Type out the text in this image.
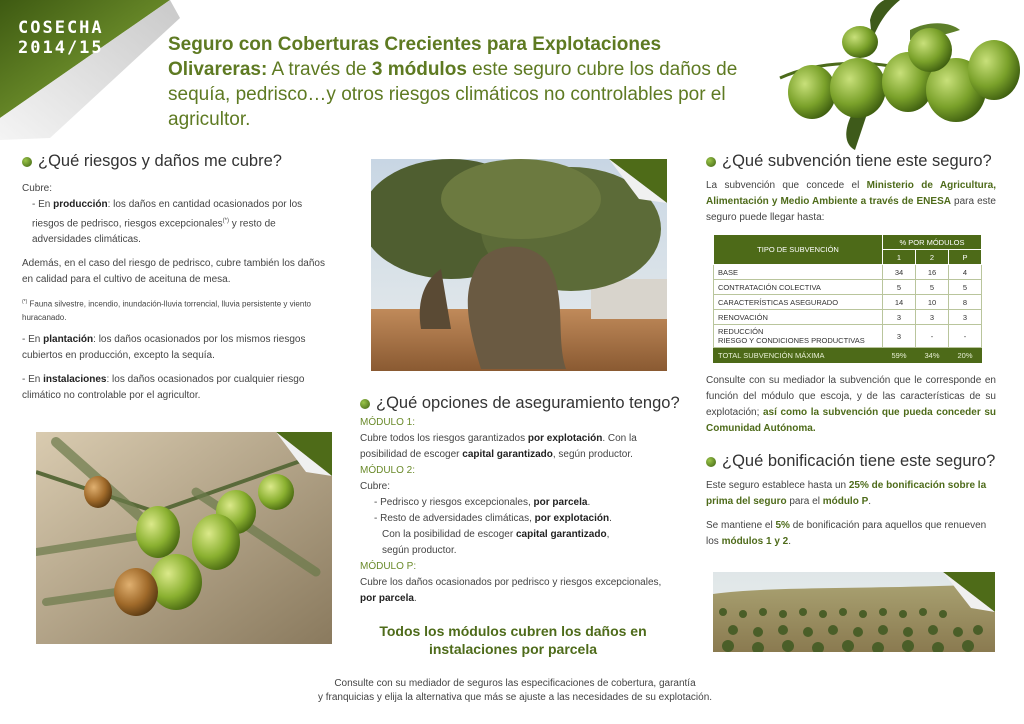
COSECHA
2014/15	Seguro con Coberturas Crecientes para Explotaciones Olivareras: A través de 3 módulos este seguro cubre los daños de sequía, pedrisco…y otros riesgos climáticos no controlables por el agricultor.
¿Qué riesgos y daños me cubre?
Cubre:
- En producción: los daños en cantidad ocasionados por los riesgos de pedrisco, riesgos excepcionales(*) y resto de adversidades climáticas.
Además, en el caso del riesgo de pedrisco, cubre también los daños en calidad para el cultivo de aceituna de mesa.
(*) Fauna silvestre, incendio, inundación-lluvia torrencial, lluvia persistente y viento huracanado.
- En plantación: los daños ocasionados por los mismos riesgos cubiertos en producción, excepto la sequía.
- En instalaciones: los daños ocasionados por cualquier riesgo climático no controlable por el agricultor.	¿Qué opciones de aseguramiento tengo?
MÓDULO 1:
Cubre todos los riesgos garantizados por explotación. Con la posibilidad de escoger capital garantizado, según productor.
MÓDULO 2:
Cubre:
- Pedrisco y riesgos excepcionales, por parcela.
- Resto de adversidades climáticas, por explotación.
Con la posibilidad de escoger capital garantizado,
según productor.
MÓDULO P:
Cubre los daños ocasionados por pedrisco y riesgos excepcionales, por parcela.
Todos los módulos cubren los daños en instalaciones por parcela
¿Qué subvención tiene este seguro?
La subvención que concede el Ministerio de Agricultura, Alimentación y Medio Ambiente a través de ENESA para este seguro puede llegar hasta:
TIPO DE SUBVENCIÓN	% POR MÓDULOS		
	1	2	P
BASE	34	16	4
CONTRATACIÓN COLECTIVA	5	5	5
CARACTERÍSTICAS ASEGURADO	14	10	8
RENOVACIÓN	3	3	3

REDUCCIÓN
RIESGO Y CONDICIONES PRODUCTIVAS	3	-	-
TOTAL SUBVENCIÓN MÁXIMA	59%	34%	20%
Consulte con su mediador la subvención que le corresponde en función del módulo que escoja, y de las características de su explotación; así como la subvención que pueda conceder su Comunidad Autónoma.
¿Qué bonificación tiene este seguro?
Este seguro establece hasta un 25% de bonificación sobre la prima del seguro para el módulo P.
Se mantiene el 5% de bonificación para aquellos que renueven los módulos 1 y 2.
Consulte con su mediador de seguros las especificaciones de cobertura, garantía
y franquicias y elija la alternativa que más se ajuste a las necesidades de su explotación.
